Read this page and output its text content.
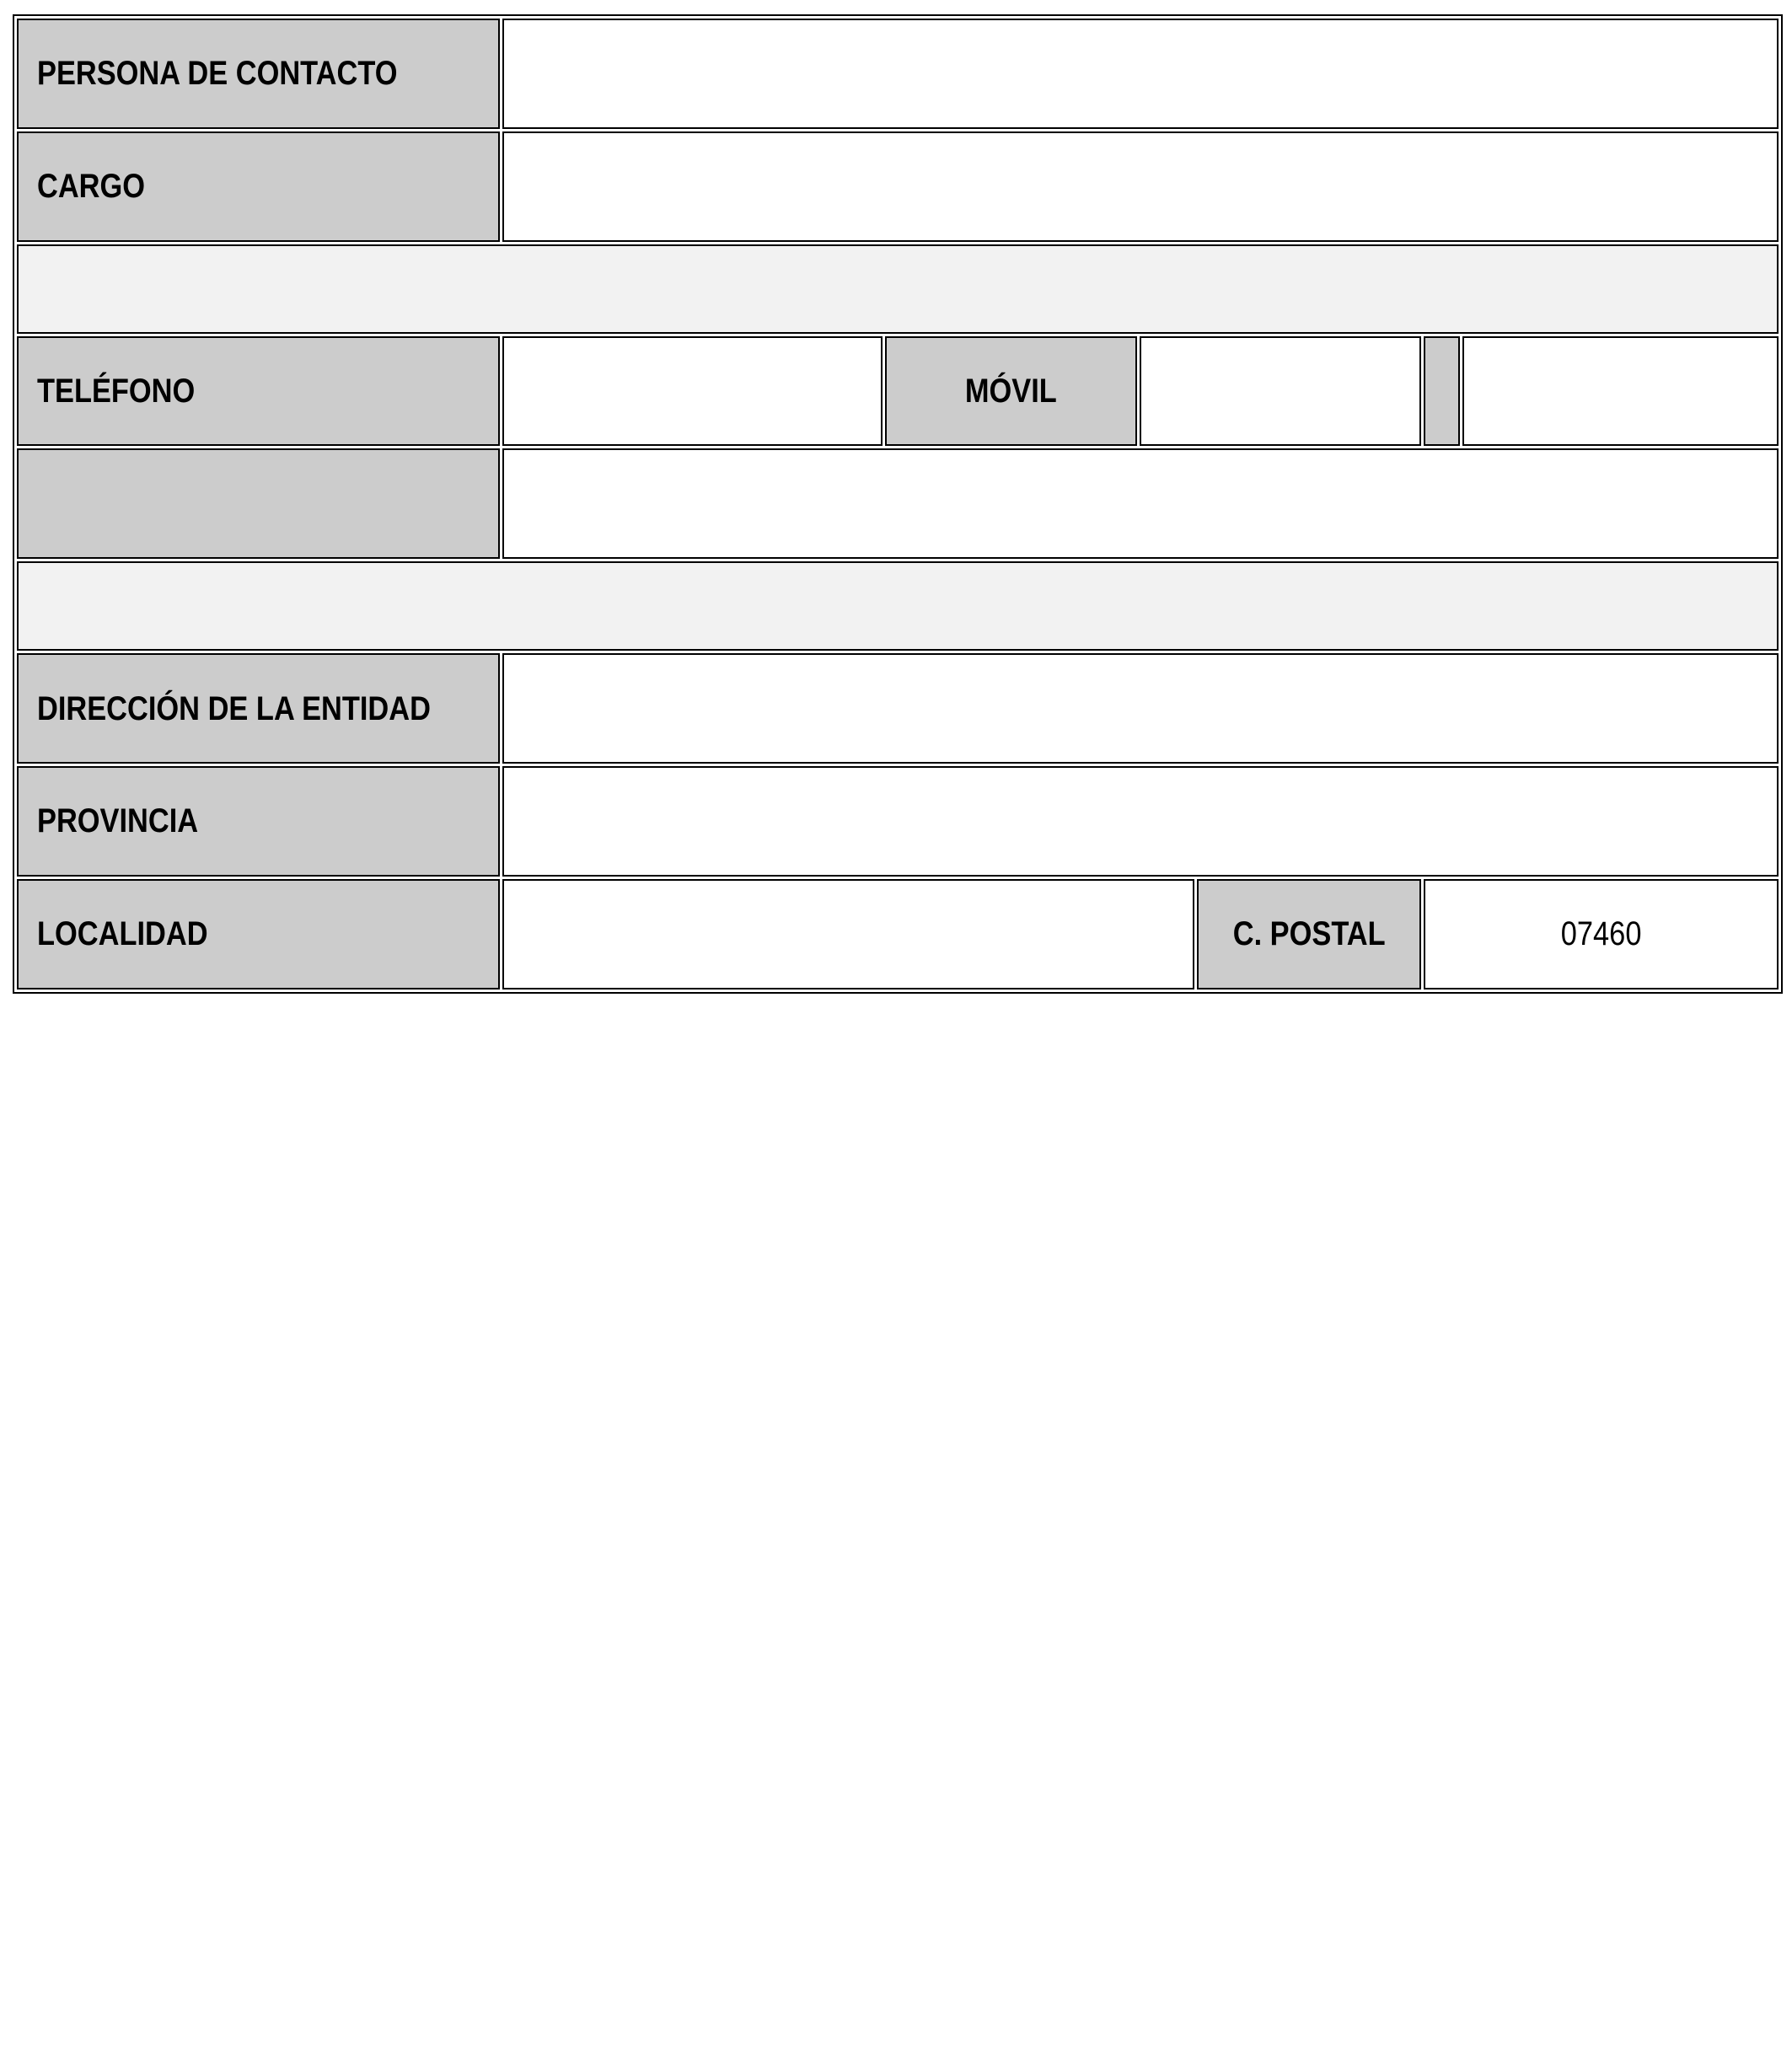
PERSONA DE CONTACTO						
CARGO						

TELÉFONO		MÓVIL				

DIRECCIÓN DE LA ENTIDAD						
PROVINCIA						
LOCALIDAD				C. POSTAL	07460	
